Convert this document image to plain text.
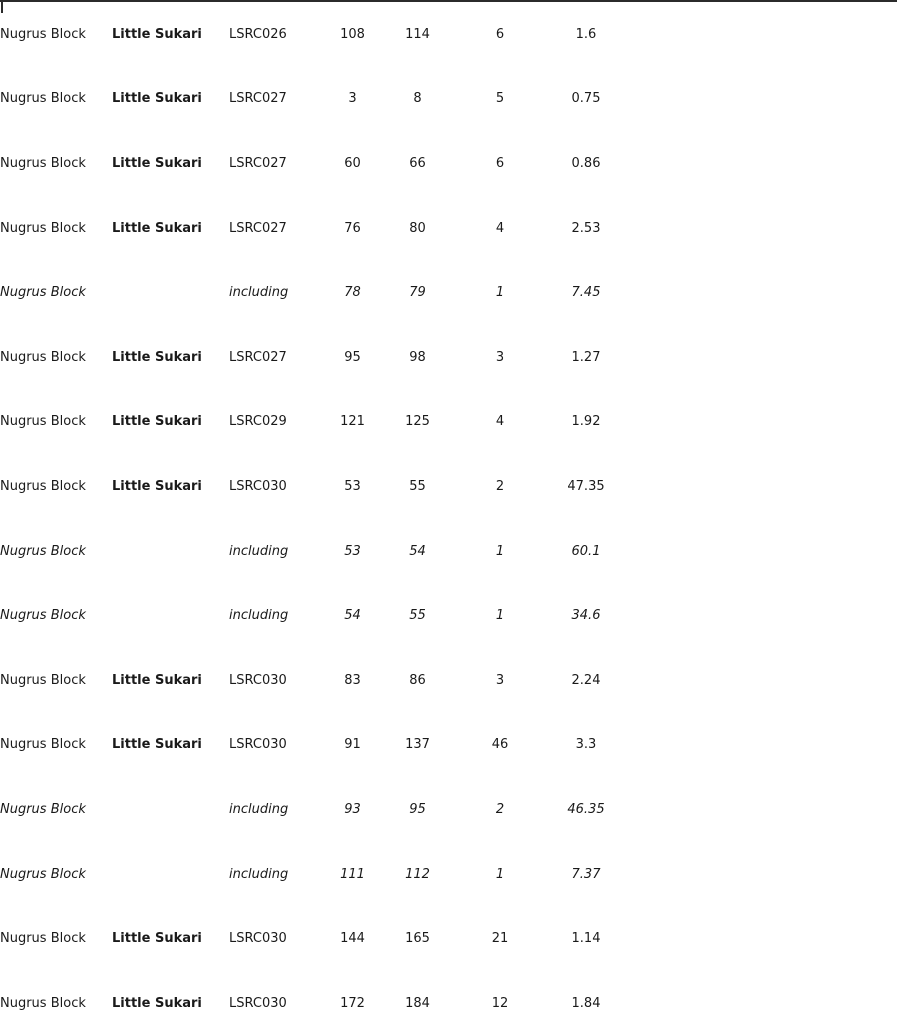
Nugrus Block	Little Sukari	LSRC026	108	114	6	1.6	
Nugrus Block	Little Sukari	LSRC027	3	8	5	0.75	
Nugrus Block	Little Sukari	LSRC027	60	66	6	0.86	
Nugrus Block	Little Sukari	LSRC027	76	80	4	2.53	
Nugrus Block		including	78	79	1	7.45	
Nugrus Block	Little Sukari	LSRC027	95	98	3	1.27	
Nugrus Block	Little Sukari	LSRC029	121	125	4	1.92	
Nugrus Block	Little Sukari	LSRC030	53	55	2	47.35	
Nugrus Block		including	53	54	1	60.1	
Nugrus Block		including	54	55	1	34.6	
Nugrus Block	Little Sukari	LSRC030	83	86	3	2.24	
Nugrus Block	Little Sukari	LSRC030	91	137	46	3.3	
Nugrus Block		including	93	95	2	46.35	
Nugrus Block		including	111	112	1	7.37	
Nugrus Block	Little Sukari	LSRC030	144	165	21	1.14	
Nugrus Block	Little Sukari	LSRC030	172	184	12	1.84	
